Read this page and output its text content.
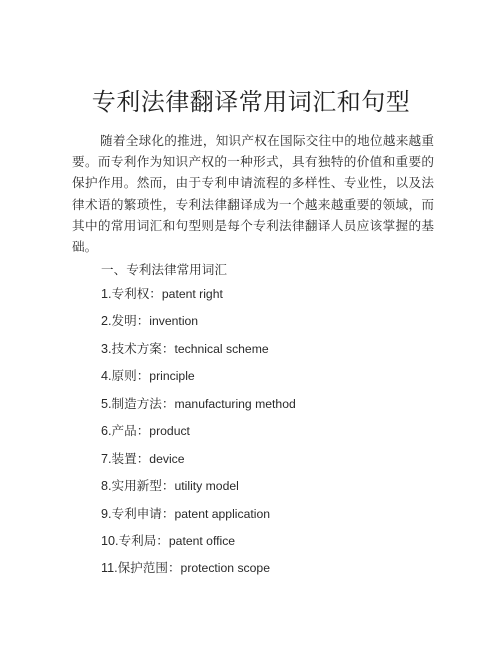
专利法律翻译常用词汇和句型

随着全球化的推进，知识产权在国际交往中的地位越来越重要。而专利作为知识产权的一种形式，具有独特的价值和重要的保护作用。然而，由于专利申请流程的多样性、专业性，以及法律术语的繁琐性，专利法律翻译成为一个越来越重要的领域，而其中的常用词汇和句型则是每个专利法律翻译人员应该掌握的基础。

一、专利法律常用词汇

1.专利权：patent right
2.发明：invention
3.技术方案：technical scheme
4.原则：principle
5.制造方法：manufacturing method
6.产品：product
7.装置：device
8.实用新型：utility model
9.专利申请：patent application
10.专利局：patent office
11.保护范围：protection scope
